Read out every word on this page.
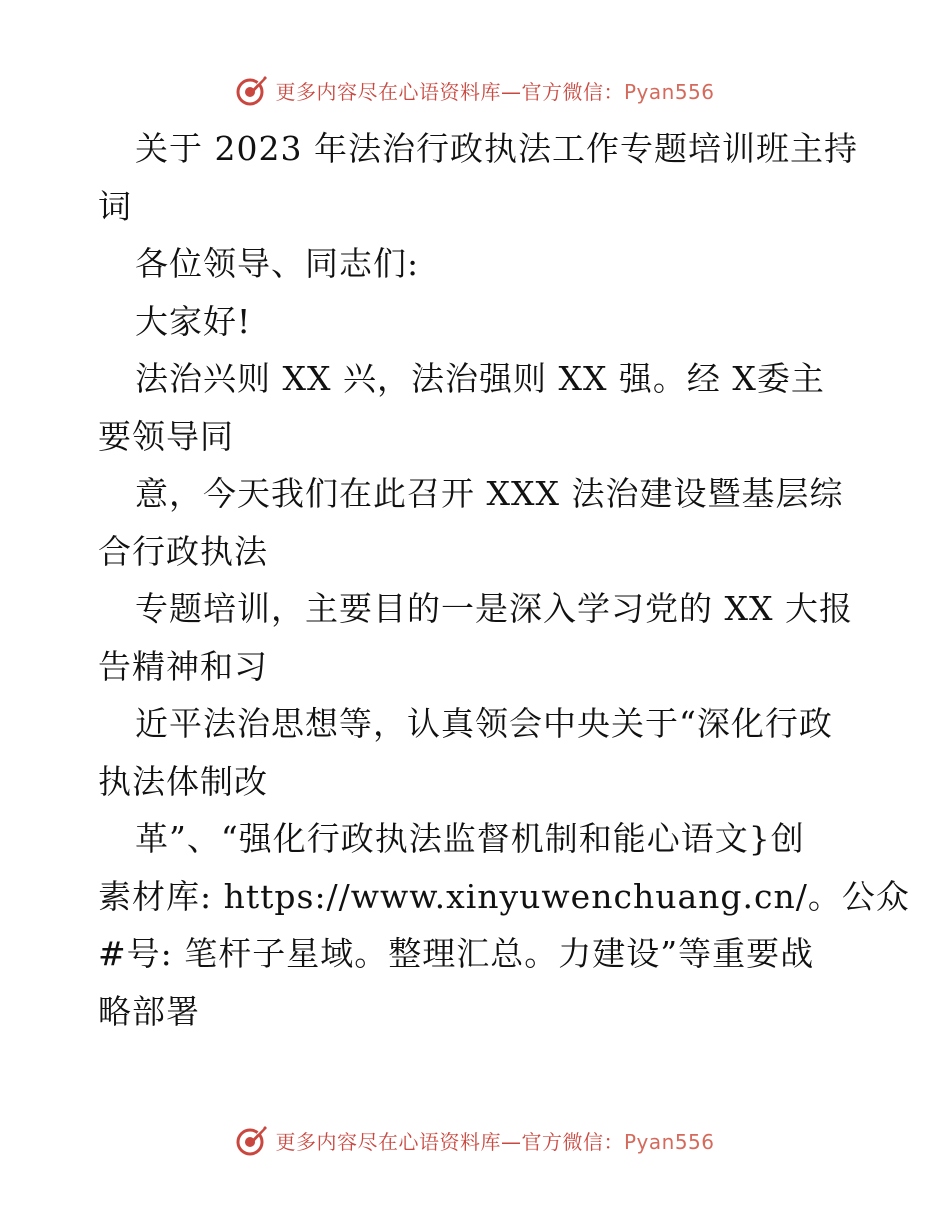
更多内容尽在心语资料库—官方微信：Pyan556
关于 2023 年法治行政执法工作专题培训班主持
词
各位领导、同志们:
大家好!
法治兴则 XX 兴，法治强则 XX 强。经 X委主
要领导同
意，今天我们在此召开 XXX 法治建设暨基层综
合行政执法
专题培训，主要目的一是深入学习党的 XX 大报
告精神和习
近平法治思想等，认真领会中央关于“深化行政
执法体制改
革”、“强化行政执法监督机制和能心语文}创
素材库: https://www.xinyuwenchuang.cn/。公众
#号: 笔杆子星域。整理汇总。力建设”等重要战
略部署
更多内容尽在心语资料库—官方微信：Pyan556
